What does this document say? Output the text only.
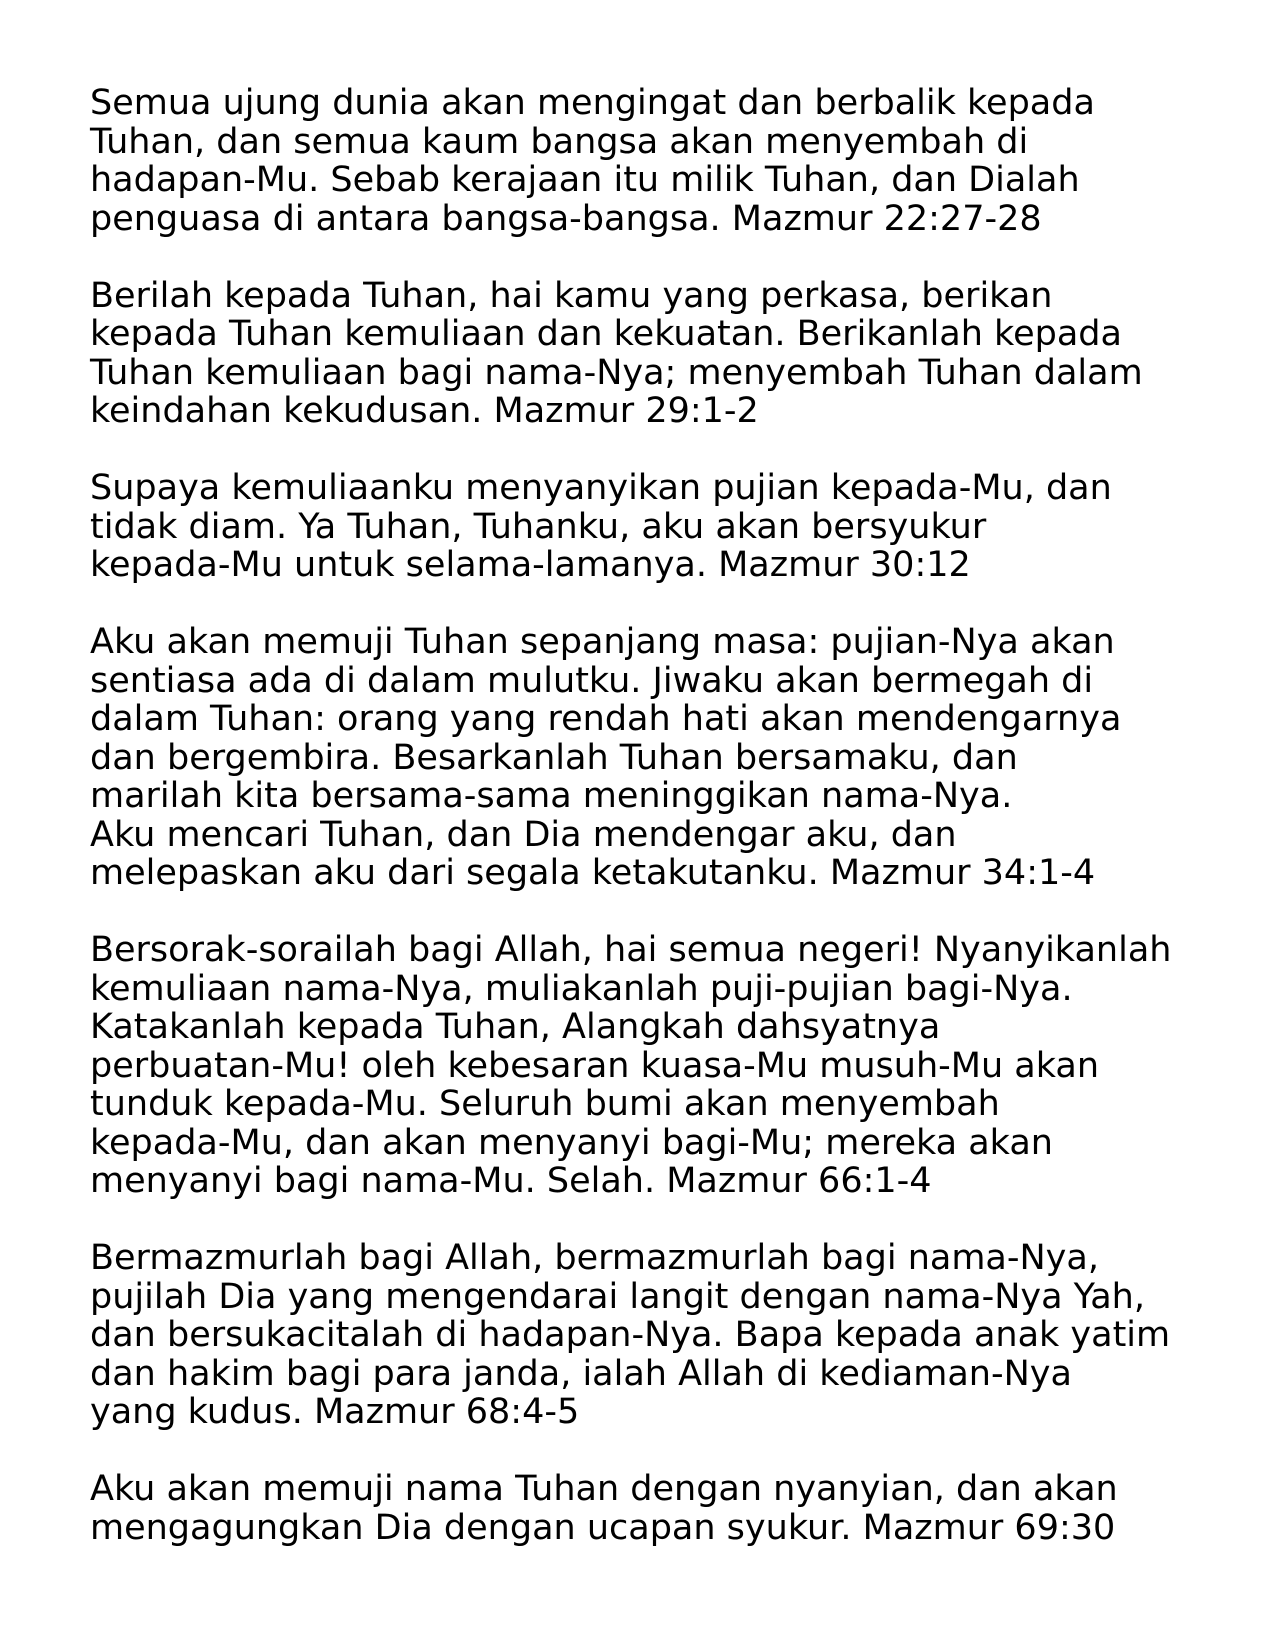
Semua ujung dunia akan mengingat dan berbalik kepada
Tuhan, dan semua kaum bangsa akan menyembah di
hadapan-Mu. Sebab kerajaan itu milik Tuhan, dan Dialah
penguasa di antara bangsa-bangsa. Mazmur 22:27-28

Berilah kepada Tuhan, hai kamu yang perkasa, berikan
kepada Tuhan kemuliaan dan kekuatan. Berikanlah kepada
Tuhan kemuliaan bagi nama-Nya; menyembah Tuhan dalam
keindahan kekudusan. Mazmur 29:1-2

Supaya kemuliaanku menyanyikan pujian kepada-Mu, dan
tidak diam. Ya Tuhan, Tuhanku, aku akan bersyukur
kepada-Mu untuk selama-lamanya. Mazmur 30:12

Aku akan memuji Tuhan sepanjang masa: pujian-Nya akan
sentiasa ada di dalam mulutku. Jiwaku akan bermegah di
dalam Tuhan: orang yang rendah hati akan mendengarnya
dan bergembira. Besarkanlah Tuhan bersamaku, dan
marilah kita bersama-sama meninggikan nama-Nya.
Aku mencari Tuhan, dan Dia mendengar aku, dan
melepaskan aku dari segala ketakutanku. Mazmur 34:1-4

Bersorak-sorailah bagi Allah, hai semua negeri! Nyanyikanlah
kemuliaan nama-Nya, muliakanlah puji-pujian bagi-Nya.
Katakanlah kepada Tuhan, Alangkah dahsyatnya
perbuatan-Mu! oleh kebesaran kuasa-Mu musuh-Mu akan
tunduk kepada-Mu. Seluruh bumi akan menyembah
kepada-Mu, dan akan menyanyi bagi-Mu; mereka akan
menyanyi bagi nama-Mu. Selah. Mazmur 66:1-4

Bermazmurlah bagi Allah, bermazmurlah bagi nama-Nya,
pujilah Dia yang mengendarai langit dengan nama-Nya Yah,
dan bersukacitalah di hadapan-Nya. Bapa kepada anak yatim
dan hakim bagi para janda, ialah Allah di kediaman-Nya
yang kudus. Mazmur 68:4-5

Aku akan memuji nama Tuhan dengan nyanyian, dan akan
mengagungkan Dia dengan ucapan syukur. Mazmur 69:30
